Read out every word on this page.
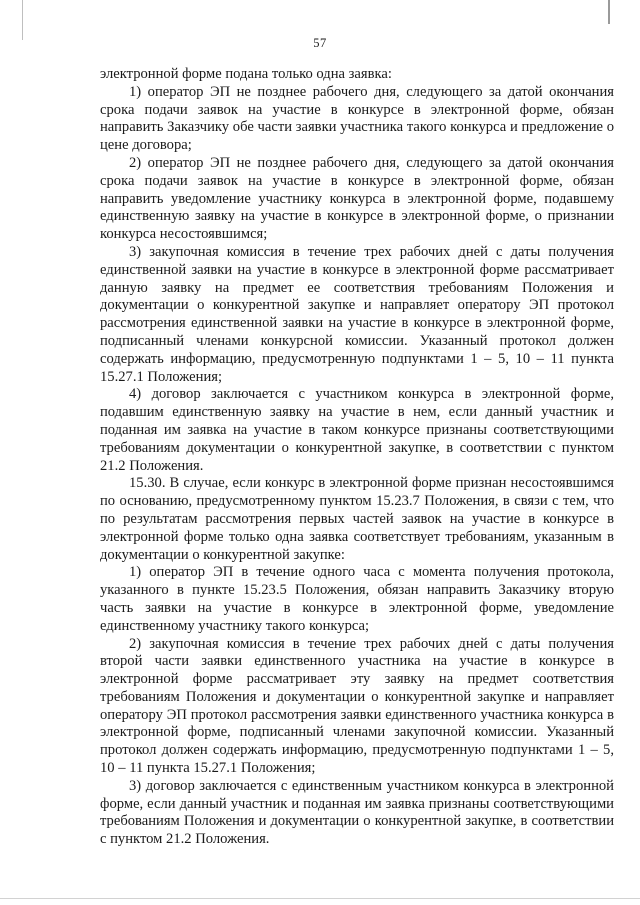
57

электронной форме подана только одна заявка:

1) оператор ЭП не позднее рабочего дня, следующего за датой окончания срока подачи заявок на участие в конкурсе в электронной форме, обязан направить Заказчику обе части заявки участника такого конкурса и предложение о цене договора;

2) оператор ЭП не позднее рабочего дня, следующего за датой окончания срока подачи заявок на участие в конкурсе в электронной форме, обязан направить уведомление участнику конкурса в электронной форме, подавшему единственную заявку на участие в конкурсе в электронной форме, о признании конкурса несостоявшимся;

3) закупочная комиссия в течение трех рабочих дней с даты получения единственной заявки на участие в конкурсе в электронной форме рассматривает данную заявку на предмет ее соответствия требованиям Положения и документации о конкурентной закупке и направляет оператору ЭП протокол рассмотрения единственной заявки на участие в конкурсе в электронной форме, подписанный членами конкурсной комиссии. Указанный протокол должен содержать информацию, предусмотренную подпунктами 1 – 5, 10 – 11 пункта 15.27.1 Положения;

4) договор заключается с участником конкурса в электронной форме, подавшим единственную заявку на участие в нем, если данный участник и поданная им заявка на участие в таком конкурсе признаны соответствующими требованиям документации о конкурентной закупке, в соответствии с пунктом 21.2 Положения.

15.30. В случае, если конкурс в электронной форме признан несостоявшимся по основанию, предусмотренному пунктом 15.23.7 Положения, в связи с тем, что по результатам рассмотрения первых частей заявок на участие в конкурсе в электронной форме только одна заявка соответствует требованиям, указанным в документации о конкурентной закупке:

1) оператор ЭП в течение одного часа с момента получения протокола, указанного в пункте 15.23.5 Положения, обязан направить Заказчику вторую часть заявки на участие в конкурсе в электронной форме, уведомление единственному участнику такого конкурса;

2) закупочная комиссия в течение трех рабочих дней с даты получения второй части заявки единственного участника на участие в конкурсе в электронной форме рассматривает эту заявку на предмет соответствия требованиям Положения и документации о конкурентной закупке и направляет оператору ЭП протокол рассмотрения заявки единственного участника конкурса в электронной форме, подписанный членами закупочной комиссии. Указанный протокол должен содержать информацию, предусмотренную подпунктами 1 – 5, 10 – 11 пункта 15.27.1 Положения;

3) договор заключается с единственным участником конкурса в электронной форме, если данный участник и поданная им заявка признаны соответствующими требованиям Положения и документации о конкурентной закупке, в соответствии с пунктом 21.2 Положения.
